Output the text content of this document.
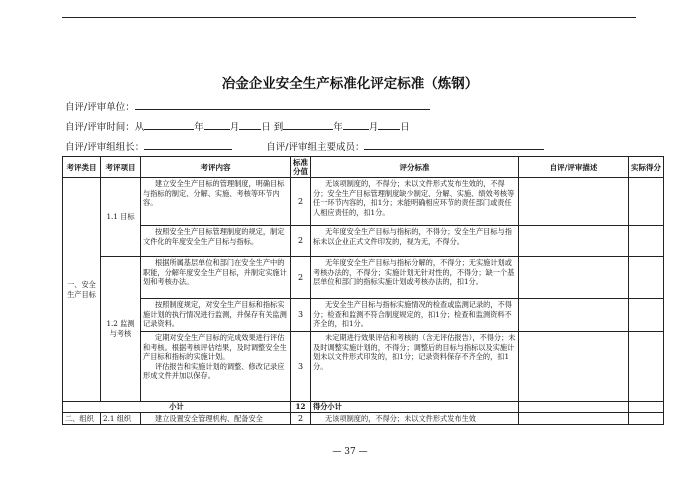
冶金企业安全生产标准化评定标准（炼钢）
自评/评审单位：
自评/评审时间：从	年	月 日 到	年	月 日
自评/评审组组长：	自评/评审组主要成员：
考评类目	考评项目	考评内容	标准分值	评分标准	自评/评审描述	实际得分
一、安全生产目标	1.1 目标	建立安全生产目标的管理制度，明确目标与指标的制定、分解、实施、考核等环节内容。	2	无该项制度的，不得分；未以文件形式发布生效的，不得分；安全生产目标管理制度缺少制定、分解、实施、绩效考核等任一环节内容的，扣1分；未能明确相应环节的责任部门或责任人相应责任的，扣1分。		
		按照安全生产目标管理制度的规定，制定文件化的年度安全生产目标与指标。	2	无年度安全生产目标与指标的，不得分；安全生产目标与指标未以企业正式文件印发的，视为无，不得分。		
	1.2 监测与考核	根据所属基层单位和部门在安全生产中的职能，分解年度安全生产目标，并制定实施计划和考核办法。	2	无年度安全生产目标与指标分解的，不得分；无实施计划或考核办法的，不得分；实施计划无针对性的，不得分；缺一个基层单位和部门的指标实施计划或考核办法的，扣1分。		
		按照制度规定，对安全生产目标和指标实施计划的执行情况进行监测，并保存有关监测记录资料。	3	无安全生产目标与指标实施情况的检查或监测记录的，不得分；检查和监测不符合制度规定的，扣1分；检查和监测资料不齐全的，扣1分。		

		定期对安全生产目标的完成效果进行评估和考核。根据考核评估结果，及时调整安全生产目标和指标的实施计划。
评估报告和实施计划的调整、修改记录应形成文件并加以保存。	3	未定期进行效果评估和考核的（含无评估报告），不得分；未及时调整实施计划的，不得分；调整后的目标与指标以及实施计划未以文件形式印发的，扣1分；记录资料保存不齐全的，扣1分。		
小计			12	得分小计		
二、组织	2.1 组织	建立设置安全管理机构、配备安全	2	无该项制度的，不得分；未以文件形式发布生效		
— 37 —
